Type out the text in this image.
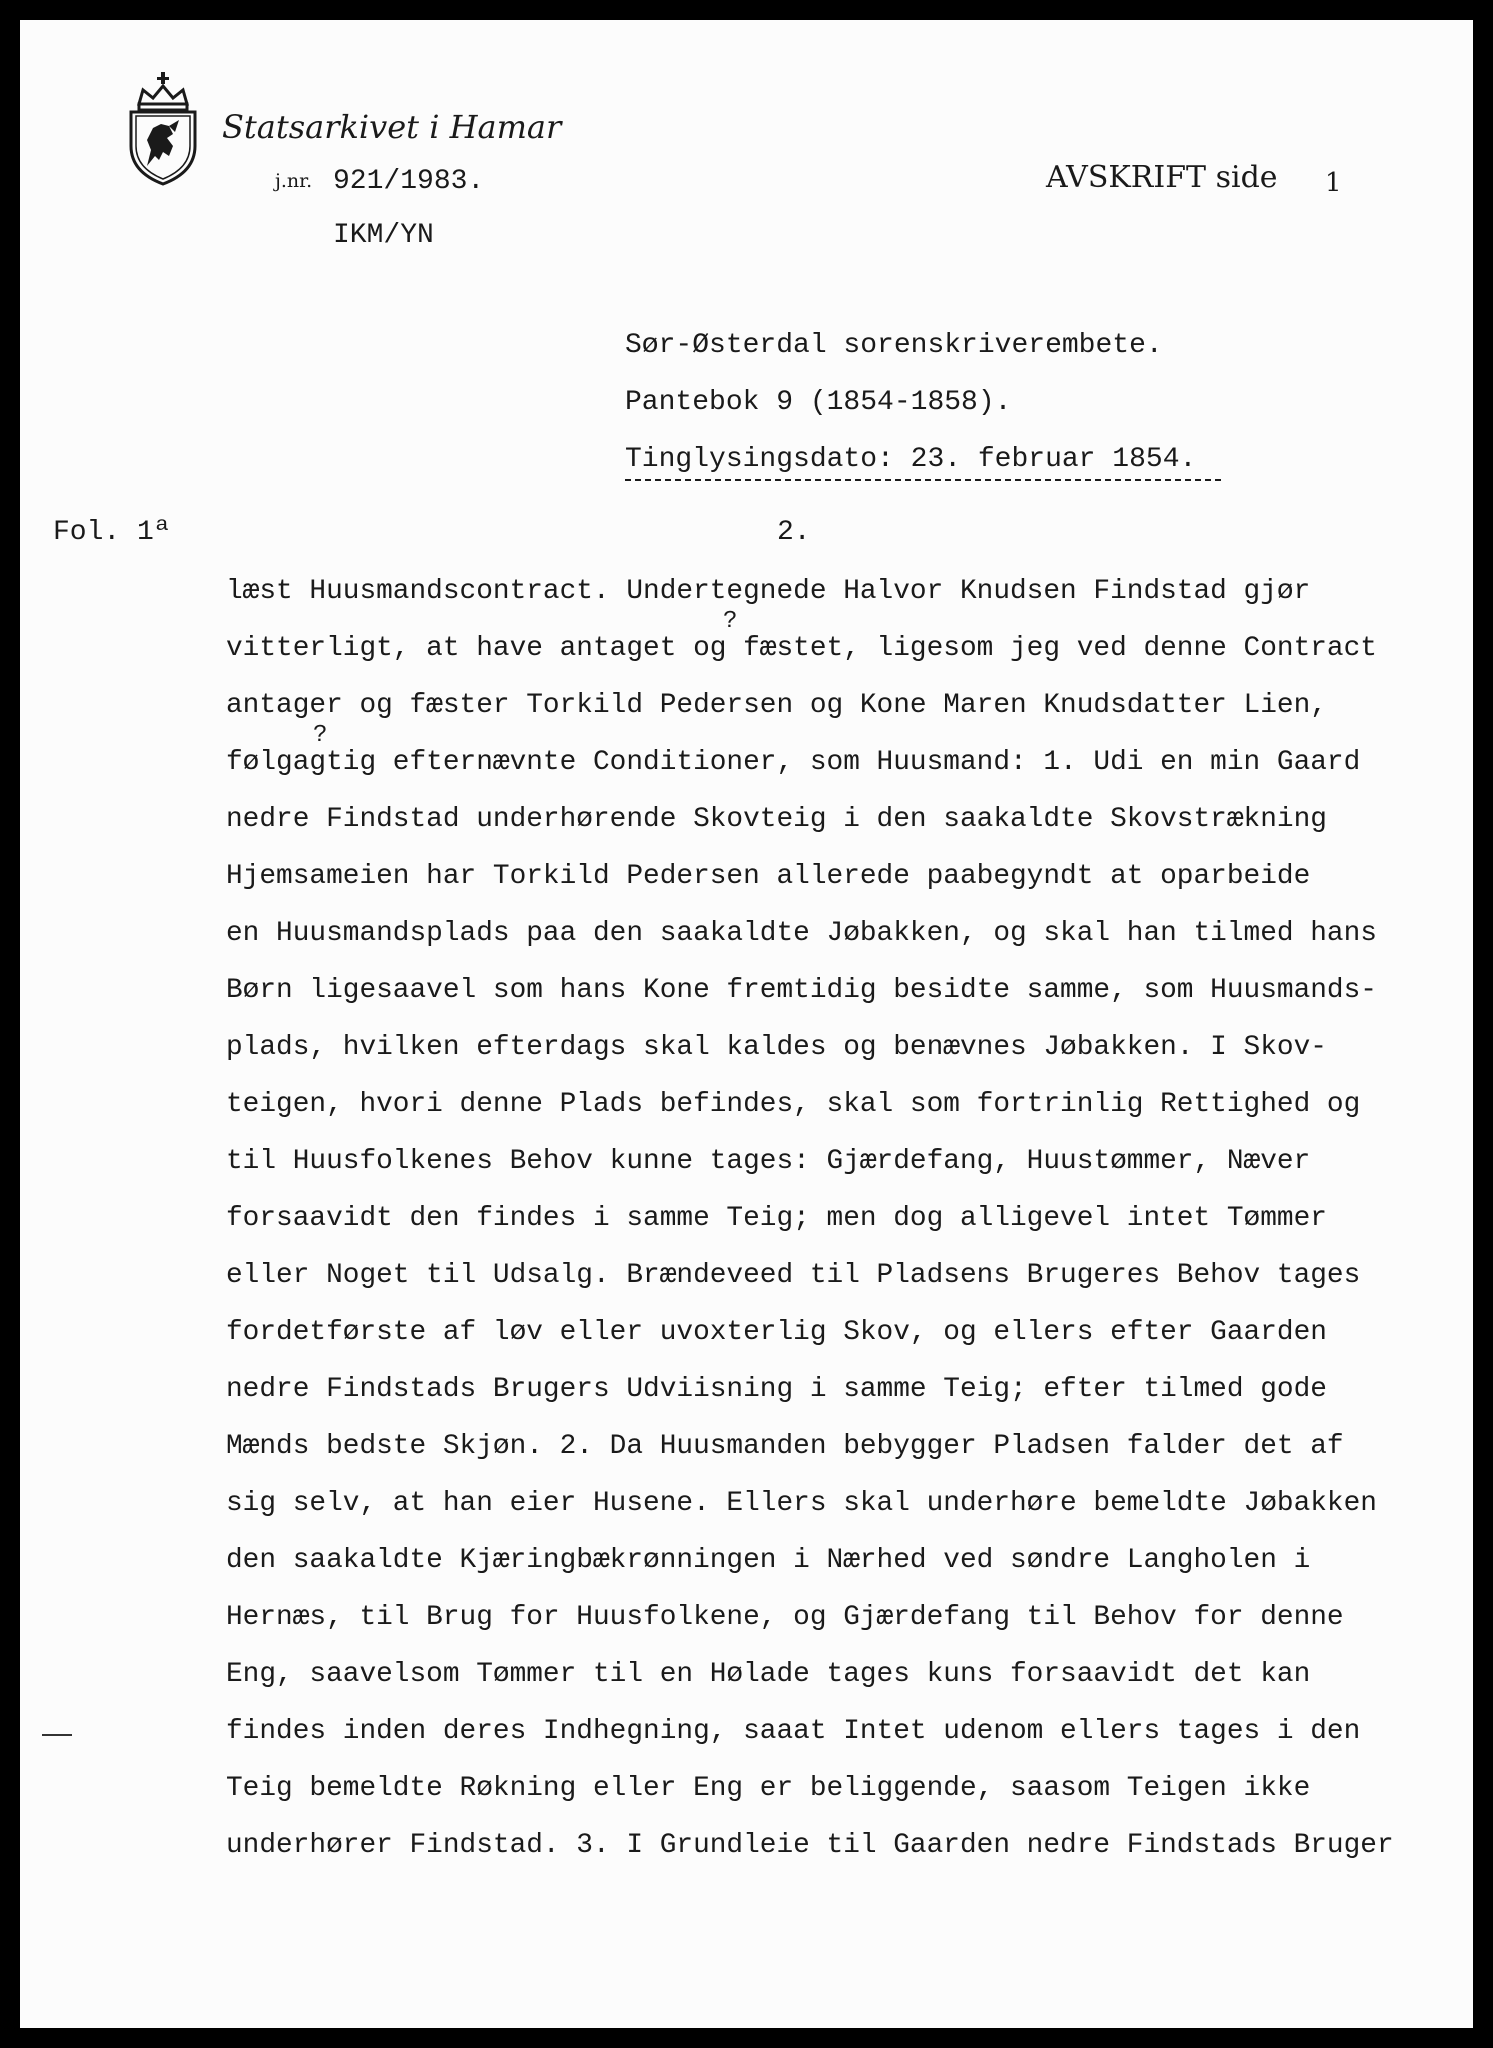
Statsarkivet i Hamar
j.nr. 921/1983.
IKM/YN
AVSKRIFT side 1
Sør-Østerdal sorenskriverembete.
Pantebok 9 (1854-1858).
Tinglysingsdato: 23. februar 1854.
Fol. 1ª	2.
læst Huusmandscontract. Undertegnede Halvor Knudsen Findstad gjør
vitterligt, at have antaget og fæstet, ligesom jeg ved denne Contract
antager og fæster Torkild Pedersen og Kone Maren Knudsdatter Lien,
følgagtig efternævnte Conditioner, som Huusmand: 1. Udi en min Gaard
nedre Findstad underhørende Skovteig i den saakaldte Skovstrækning
Hjemsameien har Torkild Pedersen allerede paabegyndt at oparbeide
en Huusmandsplads paa den saakaldte Jøbakken, og skal han tilmed hans
Børn ligesaavel som hans Kone fremtidig besidte samme, som Huusmands-
plads, hvilken efterdags skal kaldes og benævnes Jøbakken. I Skov-
teigen, hvori denne Plads befindes, skal som fortrinlig Rettighed og
til Huusfolkenes Behov kunne tages: Gjærdefang, Huustømmer, Næver
forsaavidt den findes i samme Teig; men dog alligevel intet Tømmer
eller Noget til Udsalg. Brændeveed til Pladsens Brugeres Behov tages
fordetførste af løv eller uvoxterlig Skov, og ellers efter Gaarden
nedre Findstads Brugers Udviisning i samme Teig; efter tilmed gode
Mænds bedste Skjøn. 2. Da Huusmanden bebygger Pladsen falder det af
sig selv, at han eier Husene. Ellers skal underhøre bemeldte Jøbakken
den saakaldte Kjæringbækrønningen i Nærhed ved søndre Langholen i
Hernæs, til Brug for Huusfolkene, og Gjærdefang til Behov for denne
Eng, saavelsom Tømmer til en Hølade tages kuns forsaavidt det kan
findes inden deres Indhegning, saaat Intet udenom ellers tages i den
Teig bemeldte Røkning eller Eng er beliggende, saasom Teigen ikke
underhører Findstad. 3. I Grundleie til Gaarden nedre Findstads Bruger
?
?
